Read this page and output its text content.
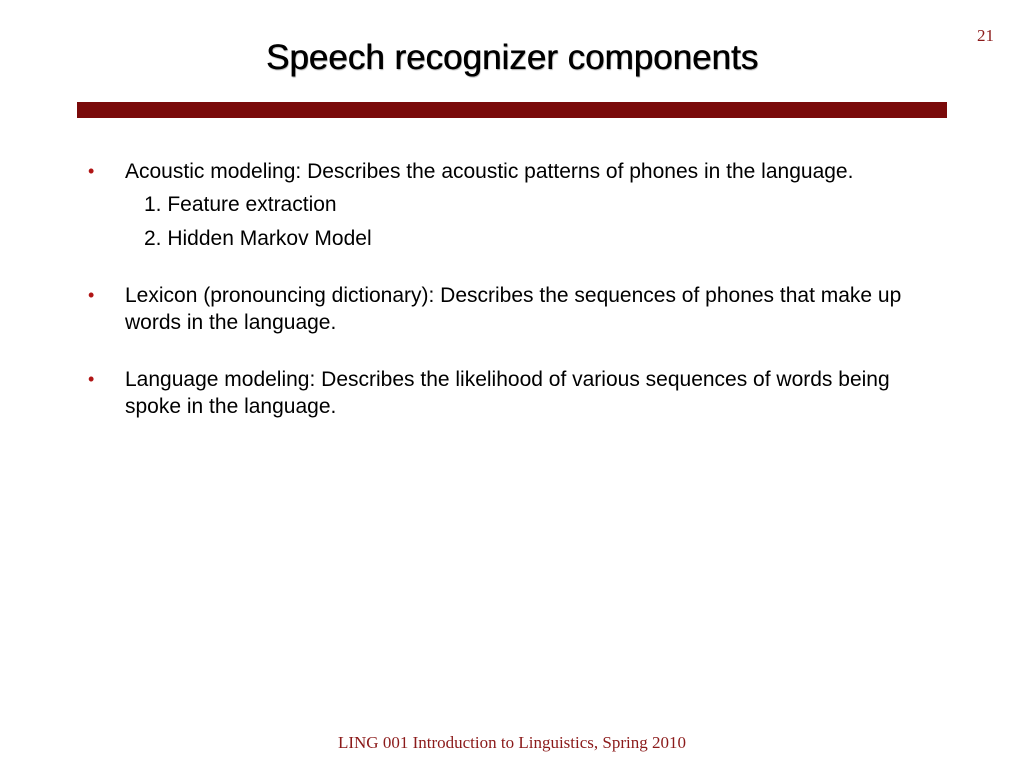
21
Speech recognizer components
• Acoustic modeling: Describes the acoustic patterns of phones in the language.
1. Feature extraction
2. Hidden Markov Model
• Lexicon (pronouncing dictionary): Describes the sequences of phones that make up words in the language.
• Language modeling: Describes the likelihood of various sequences of words being spoke in the language.
LING 001 Introduction to Linguistics, Spring 2010
